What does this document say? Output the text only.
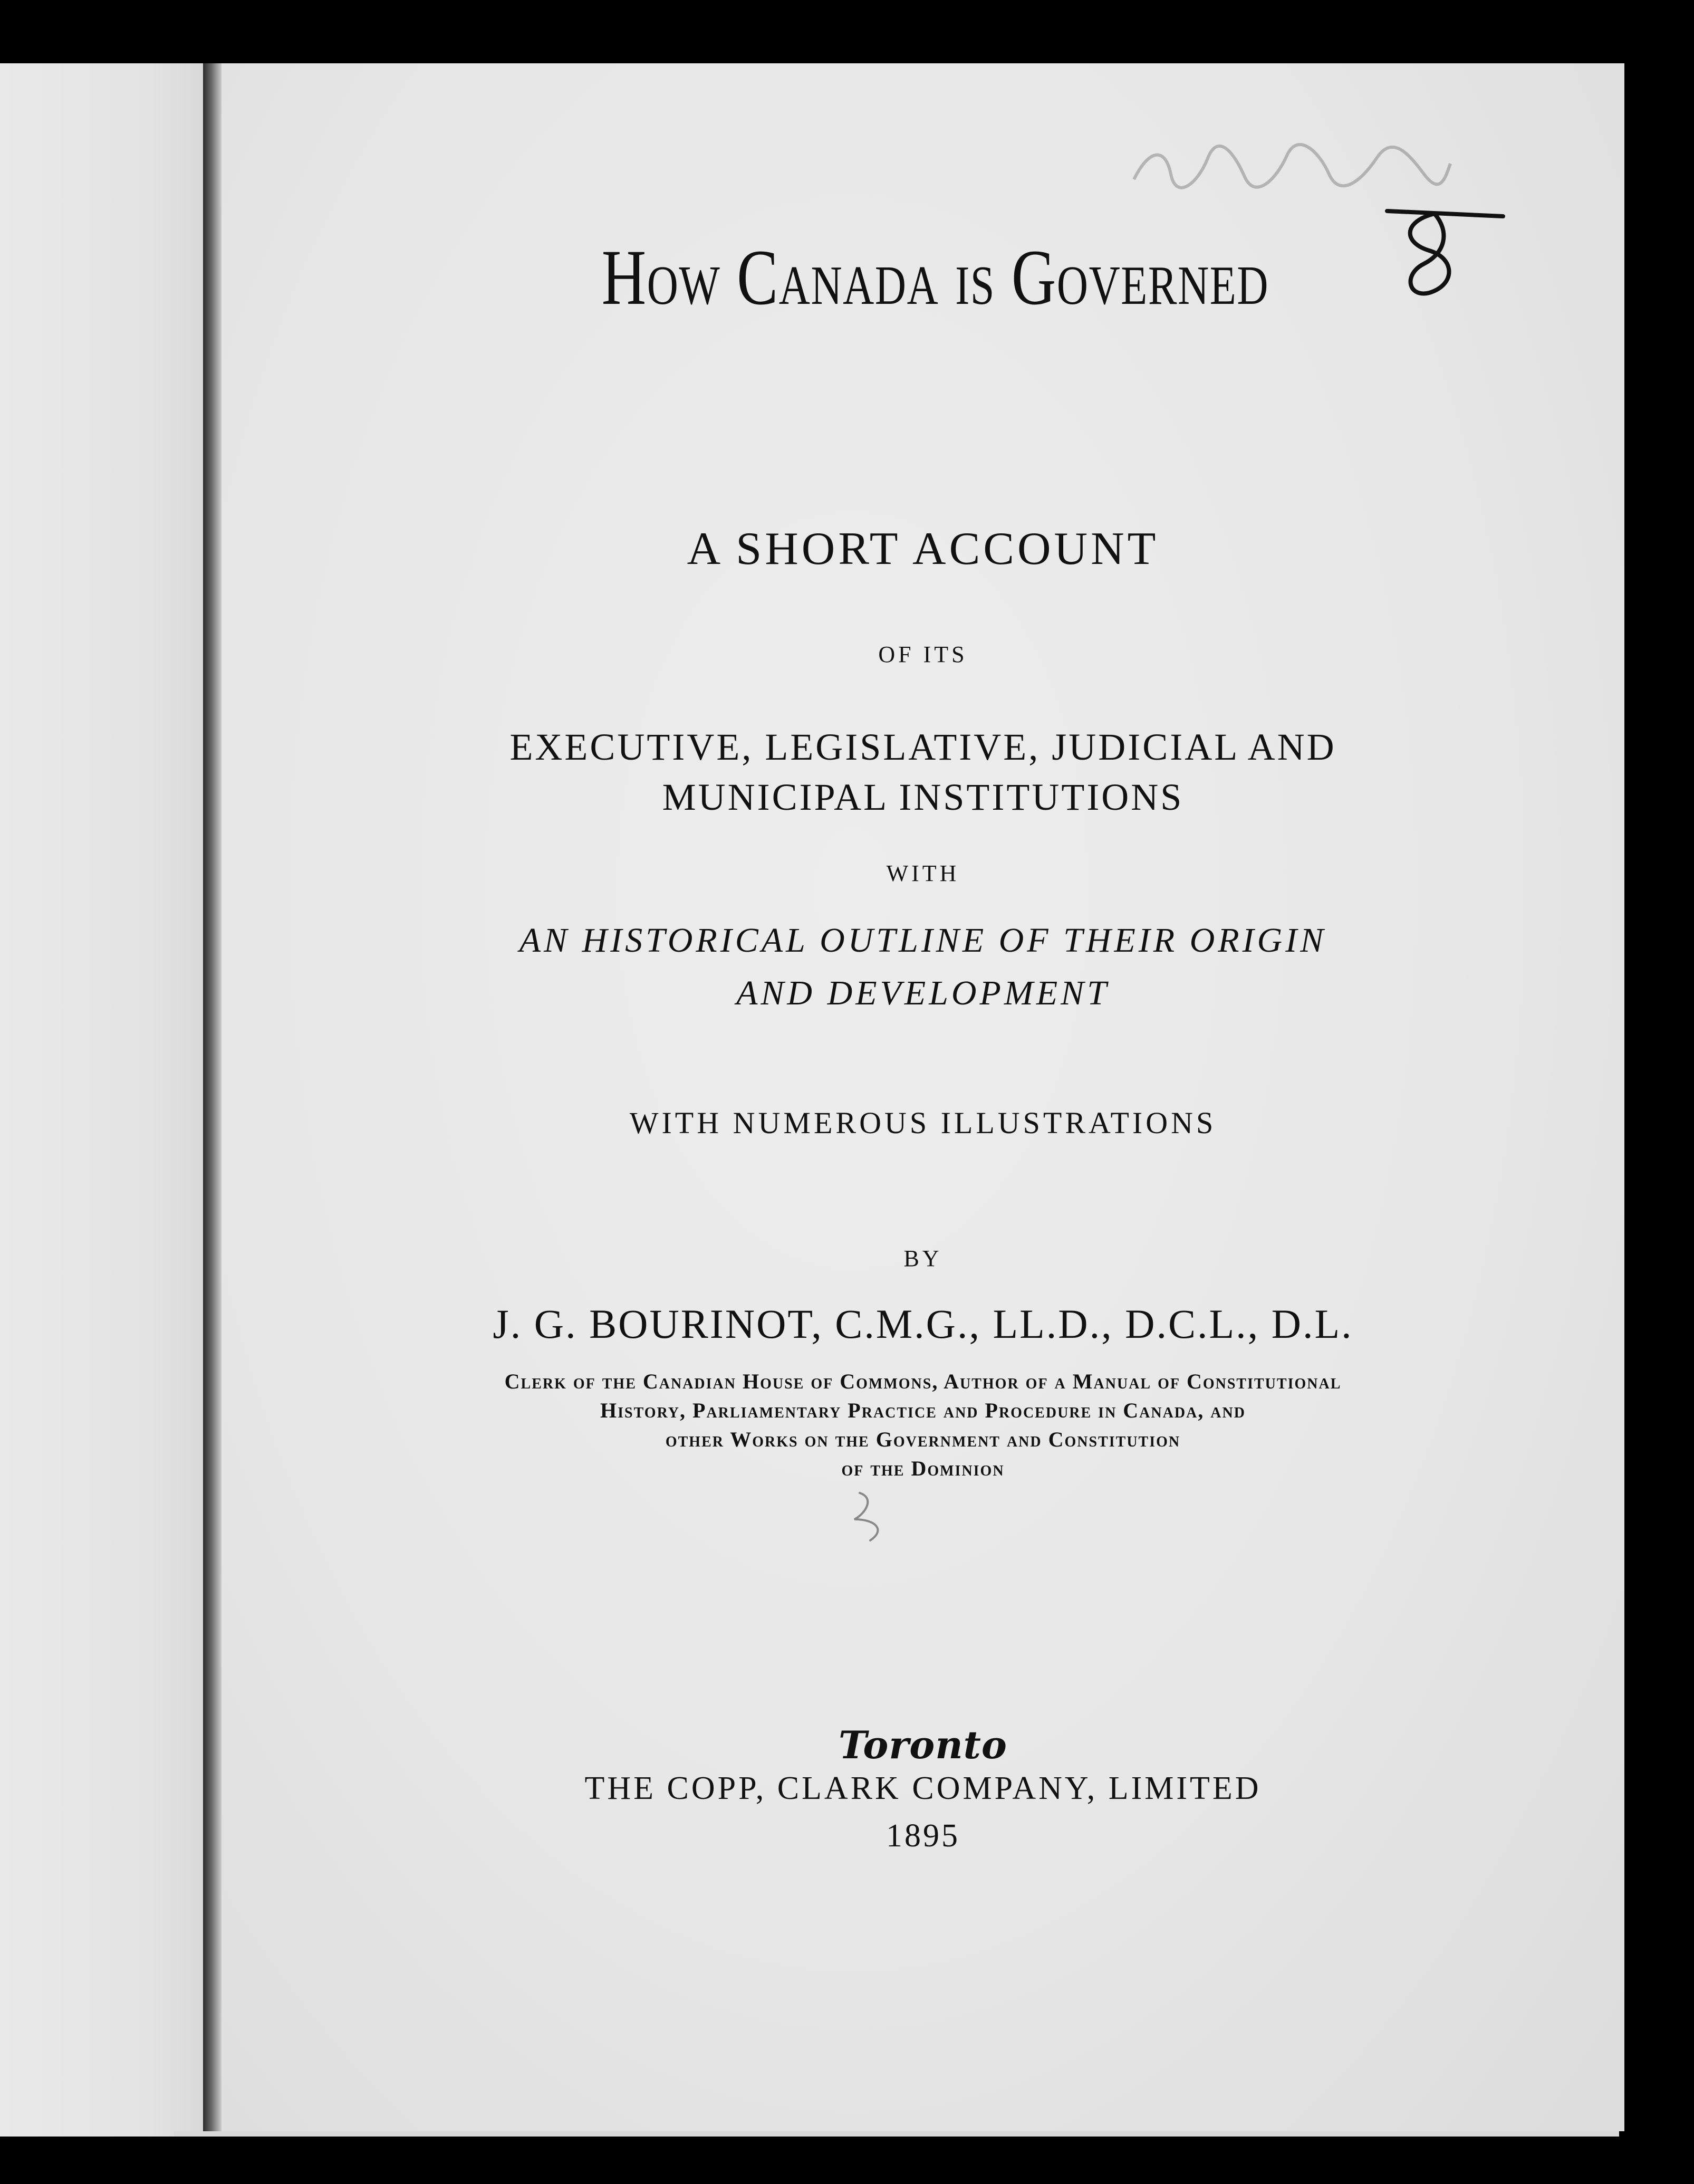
How Canada is Governed
A SHORT ACCOUNT
OF ITS
EXECUTIVE, LEGISLATIVE, JUDICIAL AND
MUNICIPAL INSTITUTIONS
WITH
AN HISTORICAL OUTLINE OF THEIR ORIGIN
AND DEVELOPMENT
WITH NUMEROUS ILLUSTRATIONS
BY
J. G. BOURINOT, C.M.G., LL.D., D.C.L., D.L.
Clerk of the Canadian House of Commons, Author of a Manual of Constitutional
History, Parliamentary Practice and Procedure in Canada, and
other Works on the Government and Constitution
of the Dominion
Toronto
THE COPP, CLARK COMPANY, LIMITED
1895
